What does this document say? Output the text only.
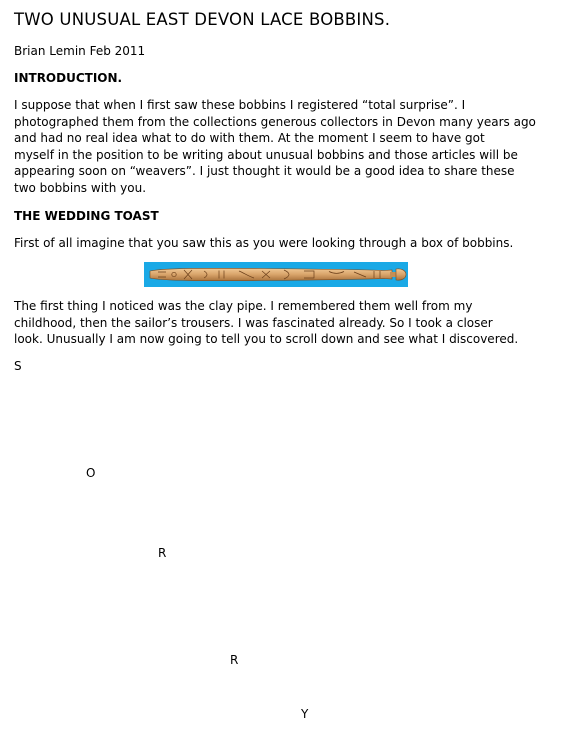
TWO UNUSUAL EAST DEVON LACE BOBBINS.
Brian Lemin Feb 2011
INTRODUCTION.
I suppose that when I first saw these bobbins I registered “total surprise”. I
photographed them from the collections generous collectors in Devon many years ago
and had no real idea what to do with them. At the moment I seem to have got
myself in the position to be writing about unusual bobbins and those articles will be
appearing soon on “weavers”. I just thought it would be a good idea to share these
two bobbins with you.
THE WEDDING TOAST
First of all imagine that you saw this as you were looking through a box of bobbins.
The first thing I noticed was the clay pipe. I remembered them well from my
childhood, then the sailor’s trousers. I was fascinated already. So I took a closer
look. Unusually I am now going to tell you to scroll down and see what I discovered.
S
O
R
R
Y
